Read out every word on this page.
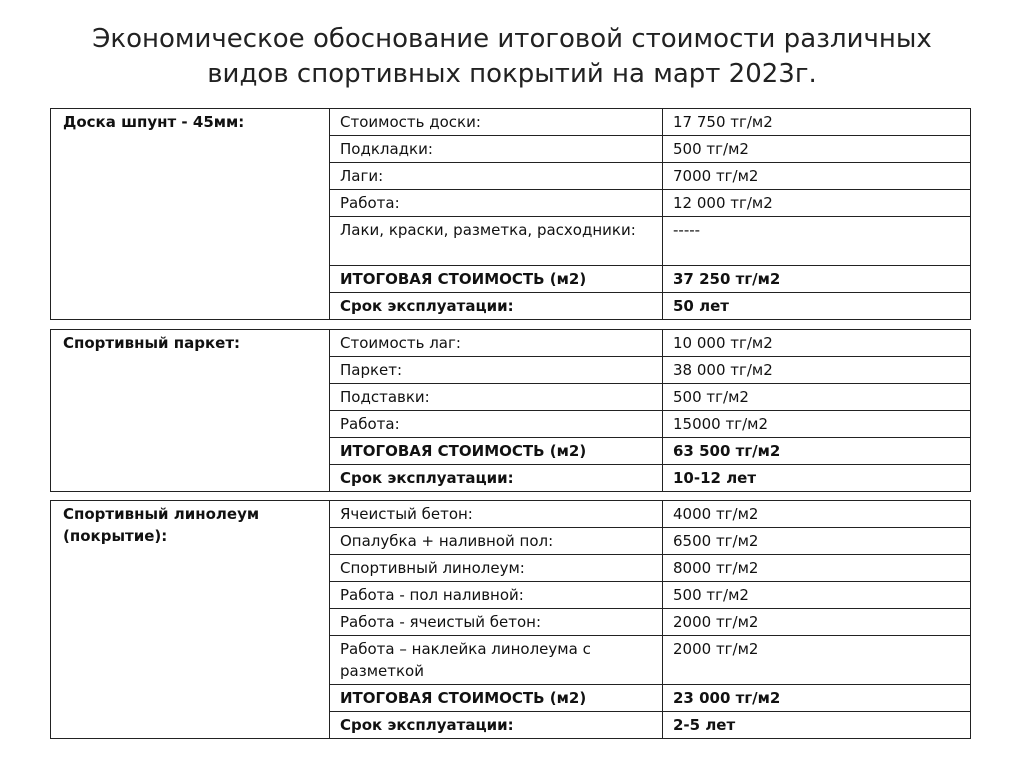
Экономическое обоснование итоговой стоимости различных
видов спортивных покрытий на март 2023г.
Доска шпунт - 45мм:	Стоимость доски:	17 750 тг/м2
	Подкладки:	500 тг/м2
	Лаги:	7000 тг/м2
	Работа:	12 000 тг/м2
	Лаки, краски, разметка, расходники:	-----
	ИТОГОВАЯ СТОИМОСТЬ (м2)	37 250 тг/м2
	Срок эксплуатации:	50 лет
Спортивный паркет:	Стоимость лаг:	10 000 тг/м2
	Паркет:	38 000 тг/м2
	Подставки:	500 тг/м2
	Работа:	15000 тг/м2
	ИТОГОВАЯ СТОИМОСТЬ (м2)	63 500 тг/м2
	Срок эксплуатации:	10-12 лет
Спортивный линолеум (покрытие):	Ячеистый бетон:	4000 тг/м2
	Опалубка + наливной пол:	6500 тг/м2
	Спортивный линолеум:	8000 тг/м2
	Работа - пол наливной:	500 тг/м2
	Работа - ячеистый бетон:	2000 тг/м2
	Работа – наклейка линолеума с разметкой	2000 тг/м2
	ИТОГОВАЯ СТОИМОСТЬ (м2)	23 000 тг/м2
	Срок эксплуатации:	2-5 лет
